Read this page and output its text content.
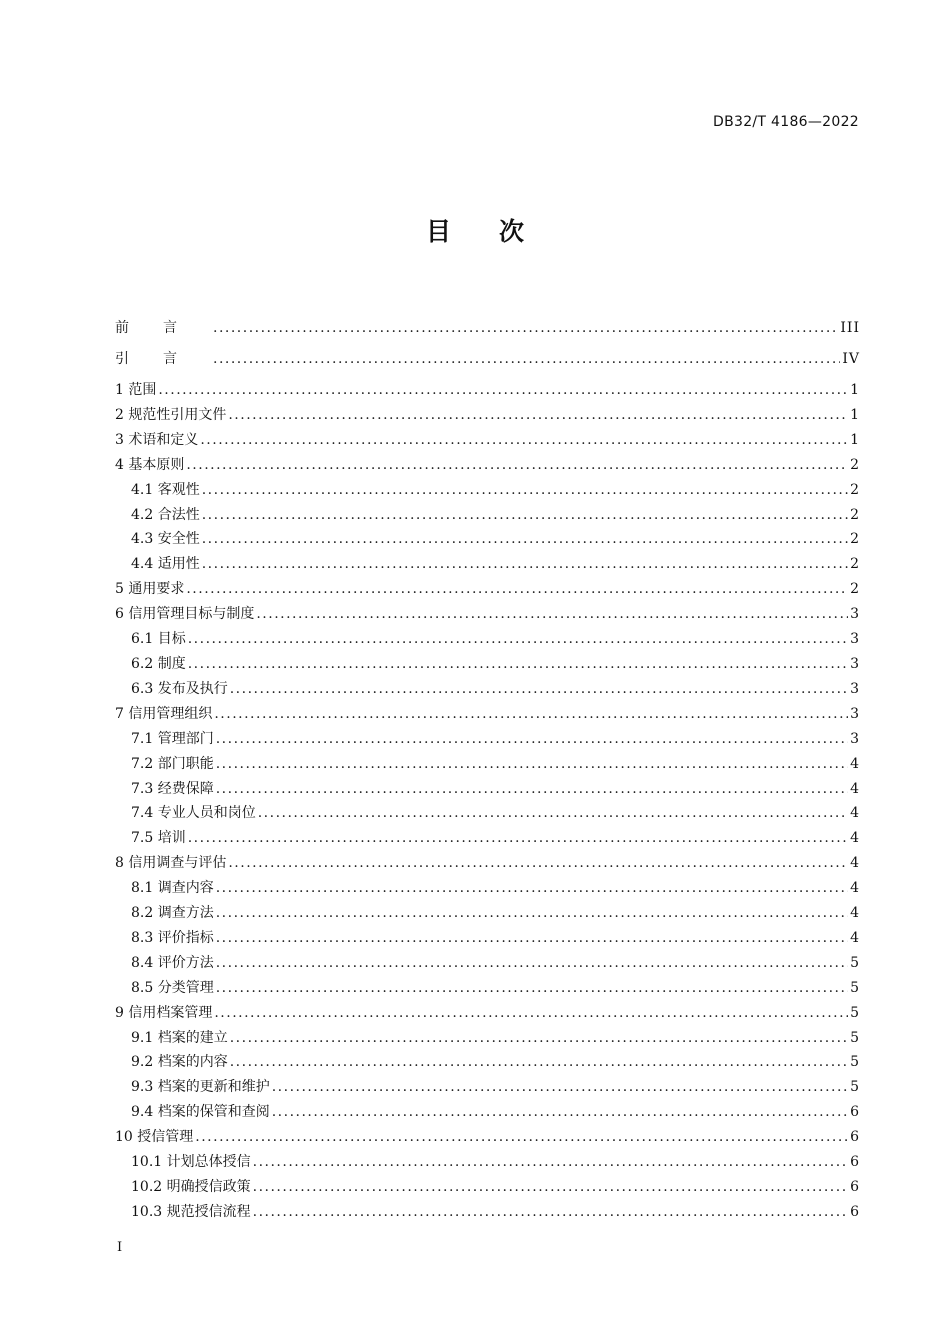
DB32/T 4186—2022
目次
前言 .....	III
引言 .....	IV
1 范围 .....	1
2 规范性引用文件 .....	1
3 术语和定义 .....	1
4 基本原则 .....	2
4.1 客观性 .....	2
4.2 合法性 .....	2
4.3 安全性 .....	2
4.4 适用性 .....	2
5 通用要求 .....	2
6 信用管理目标与制度 .....	3
6.1 目标 .....	3
6.2 制度 .....	3
6.3 发布及执行 .....	3
7 信用管理组织 .....	3
7.1 管理部门 .....	3
7.2 部门职能 .....	4
7.3 经费保障 .....	4
7.4 专业人员和岗位 .....	4
7.5 培训 .....	4
8 信用调查与评估 .....	4
8.1 调查内容 .....	4
8.2 调查方法 .....	4
8.3 评价指标 .....	4
8.4 评价方法 .....	5
8.5 分类管理 .....	5
9 信用档案管理 .....	5
9.1 档案的建立 .....	5
9.2 档案的内容 .....	5
9.3 档案的更新和维护 .....	5
9.4 档案的保管和查阅 .....	6
10 授信管理 .....	6
10.1 计划总体授信 .....	6
10.2 明确授信政策 .....	6
10.3 规范授信流程 .....	6
I
